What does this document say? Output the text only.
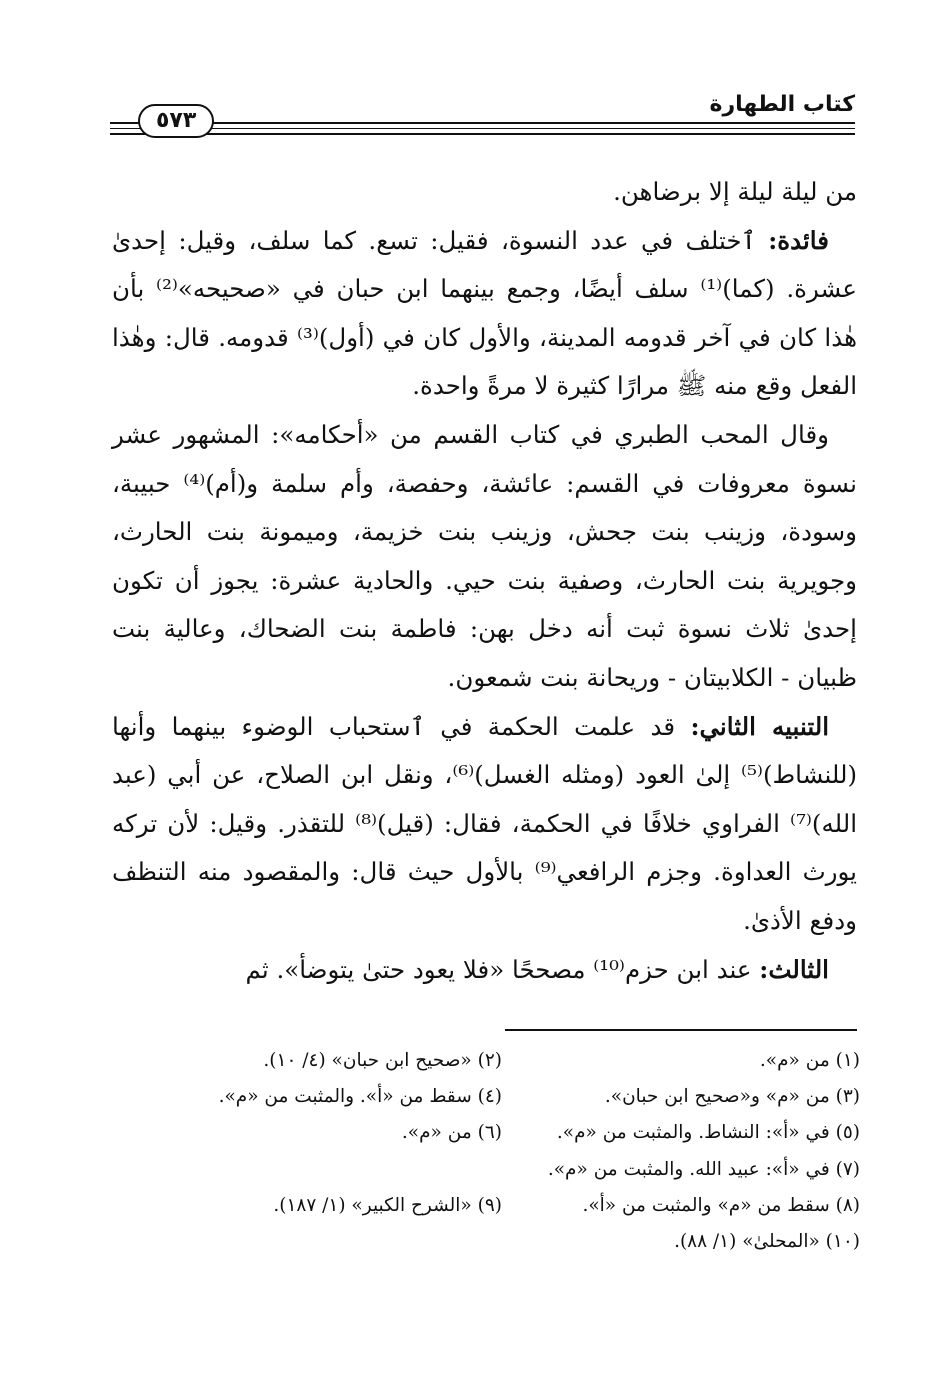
كتاب الطهارة
٥٧٣

من ليلة ليلة إلا برضاهن.

فائدة: ٱختلف في عدد النسوة، فقيل: تسع. كما سلف، وقيل: إحدىٰ عشرة. (كما)⁽¹⁾ سلف أيضًا، وجمع بينهما ابن حبان في «صحيحه»⁽²⁾ بأن هٰذا كان في آخر قدومه المدينة، والأول كان في (أول)⁽³⁾ قدومه. قال: وهٰذا الفعل وقع منه ﷺ مرارًا كثيرة لا مرةً واحدة.

وقال المحب الطبري في كتاب القسم من «أحكامه»: المشهور عشر نسوة معروفات في القسم: عائشة، وحفصة، وأم سلمة و(أم)⁽⁴⁾ حبيبة، وسودة، وزينب بنت جحش، وزينب بنت خزيمة، وميمونة بنت الحارث، وجويرية بنت الحارث، وصفية بنت حيي. والحادية عشرة: يجوز أن تكون إحدىٰ ثلاث نسوة ثبت أنه دخل بهن: فاطمة بنت الضحاك، وعالية بنت ظبيان - الكلابيتان - وريحانة بنت شمعون.

التنبيه الثاني: قد علمت الحكمة في ٱستحباب الوضوء بينهما وأنها (للنشاط)⁽⁵⁾ إلىٰ العود (ومثله الغسل)⁽⁶⁾، ونقل ابن الصلاح، عن أبي (عبد الله)⁽⁷⁾ الفراوي خلافًا في الحكمة، فقال: (قيل)⁽⁸⁾ للتقذر. وقيل: لأن تركه يورث العداوة. وجزم الرافعي⁽⁹⁾ بالأول حيث قال: والمقصود منه التنظف ودفع الأذىٰ.

الثالث: عند ابن حزم⁽¹⁰⁾ مصححًا «فلا يعود حتىٰ يتوضأ». ثم

(١) من «م».
(٢) «صحيح ابن حبان» (٤/ ١٠).
(٣) من «م» و«صحيح ابن حبان».
(٤) سقط من «أ». والمثبت من «م».
(٥) في «أ»: النشاط. والمثبت من «م».
(٦) من «م».
(٧) في «أ»: عبيد الله. والمثبت من «م».
(٨) سقط من «م» والمثبت من «أ».
(٩) «الشرح الكبير» (١/ ١٨٧).
(١٠) «المحلىٰ» (١/ ٨٨).
